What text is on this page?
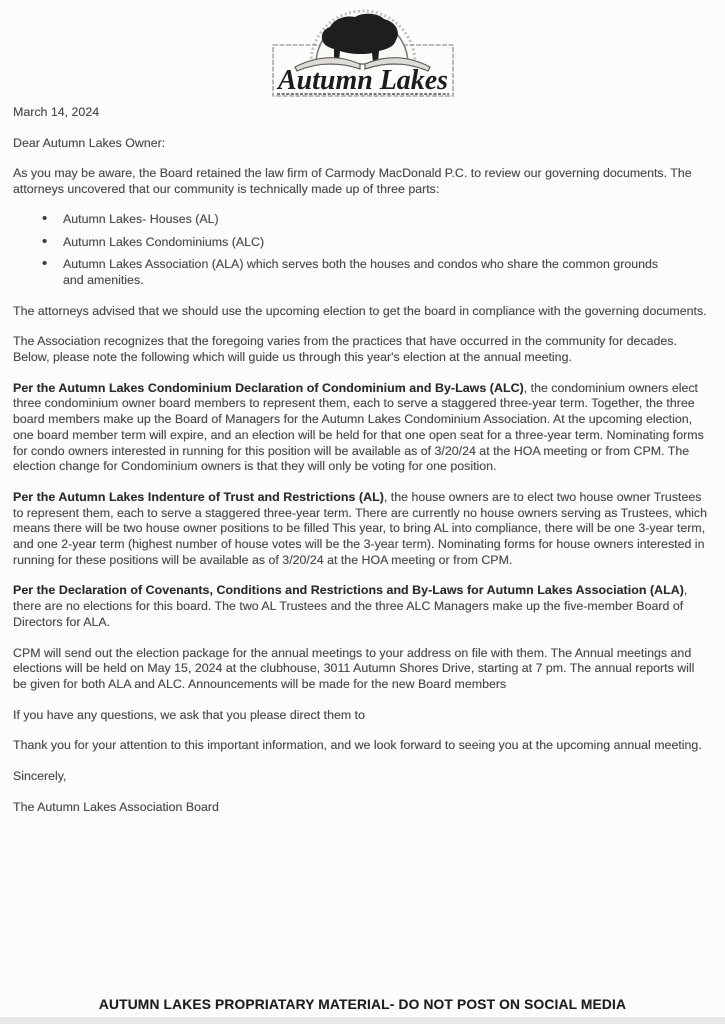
Autumn Lakes

March 14, 2024

Dear Autumn Lakes Owner:

As you may be aware, the Board retained the law firm of Carmody MacDonald P.C. to review our governing documents. The attorneys uncovered that our community is technically made up of three parts:

• Autumn Lakes- Houses (AL)
• Autumn Lakes Condominiums (ALC)
• Autumn Lakes Association (ALA) which serves both the houses and condos who share the common grounds and amenities.

The attorneys advised that we should use the upcoming election to get the board in compliance with the governing documents.

The Association recognizes that the foregoing varies from the practices that have occurred in the community for decades. Below, please note the following which will guide us through this year's election at the annual meeting.

Per the Autumn Lakes Condominium Declaration of Condominium and By-Laws (ALC), the condominium owners elect three condominium owner board members to represent them, each to serve a staggered three-year term. Together, the three board members make up the Board of Managers for the Autumn Lakes Condominium Association. At the upcoming election, one board member term will expire, and an election will be held for that one open seat for a three-year term. Nominating forms for condo owners interested in running for this position will be available as of 3/20/24 at the HOA meeting or from CPM. The election change for Condominium owners is that they will only be voting for one position.

Per the Autumn Lakes Indenture of Trust and Restrictions (AL), the house owners are to elect two house owner Trustees to represent them, each to serve a staggered three-year term. There are currently no house owners serving as Trustees, which means there will be two house owner positions to be filled This year, to bring AL into compliance, there will be one 3-year term, and one 2-year term (highest number of house votes will be the 3-year term). Nominating forms for house owners interested in running for these positions will be available as of 3/20/24 at the HOA meeting or from CPM.

Per the Declaration of Covenants, Conditions and Restrictions and By-Laws for Autumn Lakes Association (ALA), there are no elections for this board. The two AL Trustees and the three ALC Managers make up the five-member Board of Directors for ALA.

CPM will send out the election package for the annual meetings to your address on file with them. The Annual meetings and elections will be held on May 15, 2024 at the clubhouse, 3011 Autumn Shores Drive, starting at 7 pm. The annual reports will be given for both ALA and ALC. Announcements will be made for the new Board members

If you have any questions, we ask that you please direct them to

Thank you for your attention to this important information, and we look forward to seeing you at the upcoming annual meeting.

Sincerely,

The Autumn Lakes Association Board

AUTUMN LAKES PROPRIATARY MATERIAL- DO NOT POST ON SOCIAL MEDIA
